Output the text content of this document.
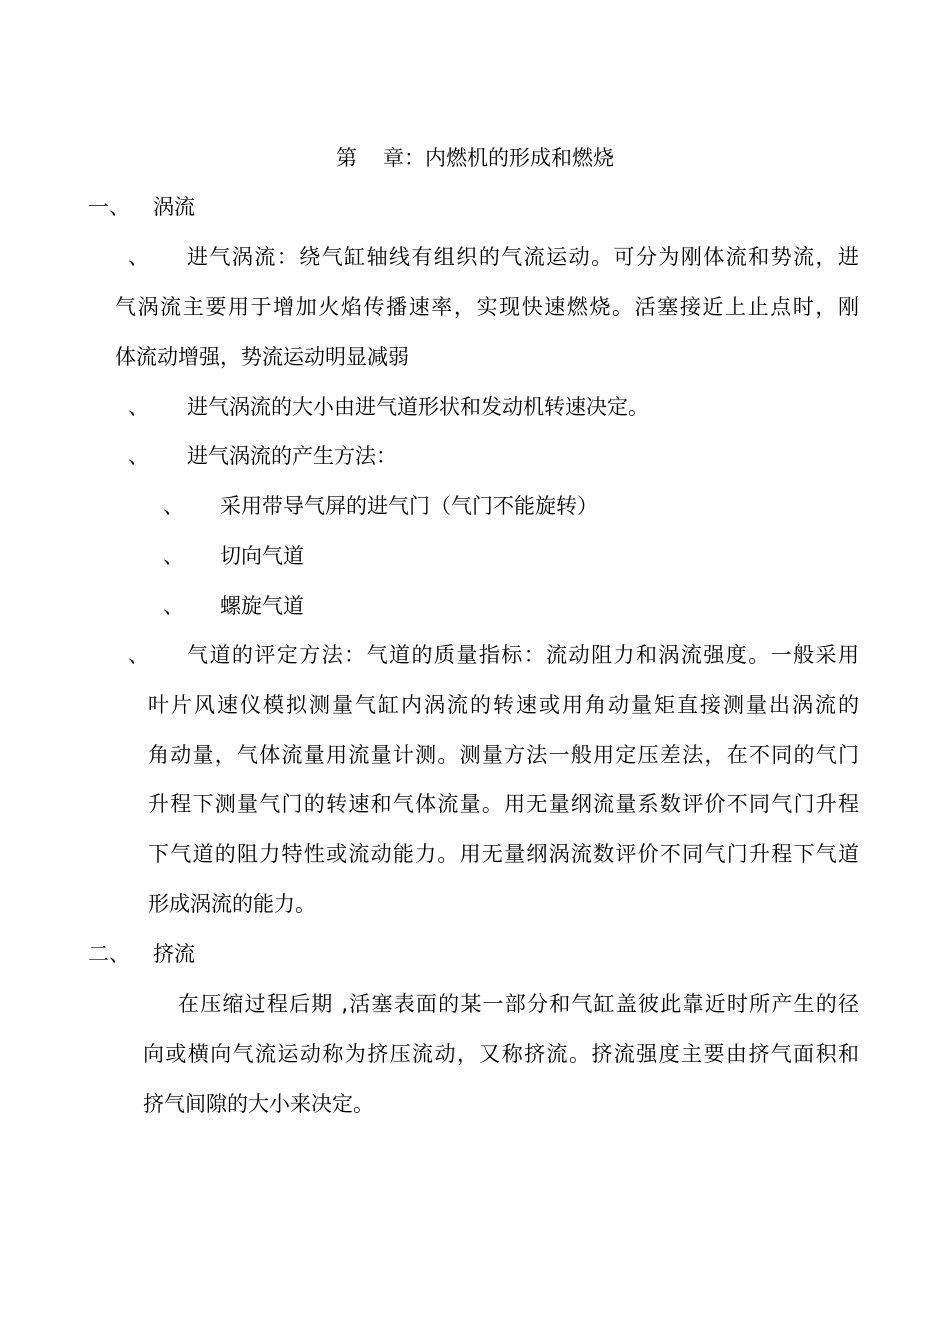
第 章：内燃机的形成和燃烧
一、 涡流
、 进气涡流：绕气缸轴线有组织的气流运动。可分为刚体流和势流，进
气涡流主要用于增加火焰传播速率，实现快速燃烧。活塞接近上止点时，刚
体流动增强，势流运动明显减弱
、 进气涡流的大小由进气道形状和发动机转速决定。
、 进气涡流的产生方法：
、 采用带导气屏的进气门（气门不能旋转）
、 切向气道
、 螺旋气道
、 气道的评定方法：气道的质量指标：流动阻力和涡流强度。一般采用
叶片风速仪模拟测量气缸内涡流的转速或用角动量矩直接测量出涡流的
角动量，气体流量用流量计测。测量方法一般用定压差法，在不同的气门
升程下测量气门的转速和气体流量。用无量纲流量系数评价不同气门升程
下气道的阻力特性或流动能力。用无量纲涡流数评价不同气门升程下气道
形成涡流的能力。
二、 挤流
在压缩过程后期 ,活塞表面的某一部分和气缸盖彼此靠近时所产生的径
向或横向气流运动称为挤压流动，又称挤流。挤流强度主要由挤气面积和
挤气间隙的大小来决定。
